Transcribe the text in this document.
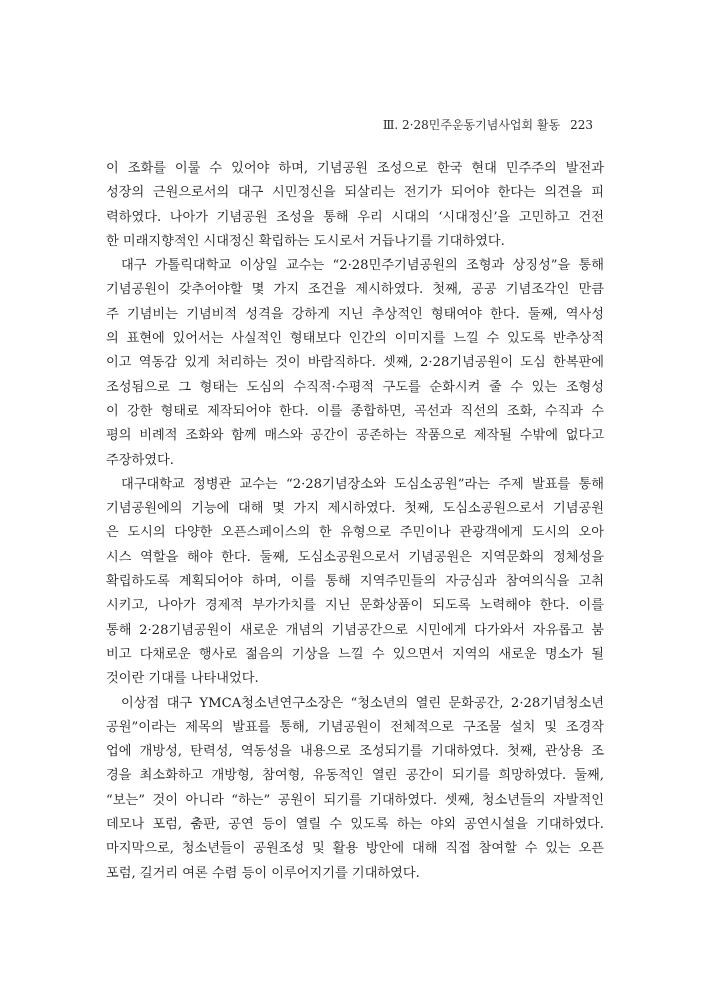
Ⅲ. 2·28민주운동기념사업회 활동 223
이 조화를 이룰 수 있어야 하며, 기념공원 조성으로 한국 현대 민주주의 발전과
성장의 근원으로서의 대구 시민정신을 되살리는 전기가 되어야 한다는 의견을 피
력하였다. 나아가 기념공원 조성을 통해 우리 시대의 ‘시대정신’을 고민하고 건전
한 미래지향적인 시대정신 확립하는 도시로서 거듭나기를 기대하였다.
대구 가톨릭대학교 이상일 교수는 “2·28민주기념공원의 조형과 상징성”을 통해
기념공원이 갖추어야할 몇 가지 조건을 제시하였다. 첫째, 공공 기념조각인 만큼
주 기념비는 기념비적 성격을 강하게 지닌 추상적인 형태여야 한다. 둘째, 역사성
의 표현에 있어서는 사실적인 형태보다 인간의 이미지를 느낄 수 있도록 반추상적
이고 역동감 있게 처리하는 것이 바람직하다. 셋째, 2·28기념공원이 도심 한복판에
조성됨으로 그 형태는 도심의 수직적·수평적 구도를 순화시켜 줄 수 있는 조형성
이 강한 형태로 제작되어야 한다. 이를 종합하면, 곡선과 직선의 조화, 수직과 수
평의 비례적 조화와 함께 매스와 공간이 공존하는 작품으로 제작될 수밖에 없다고
주장하였다.
대구대학교 정병관 교수는 “2·28기념장소와 도심소공원”라는 주제 발표를 통해
기념공원에의 기능에 대해 몇 가지 제시하였다. 첫째, 도심소공원으로서 기념공원
은 도시의 다양한 오픈스페이스의 한 유형으로 주민이나 관광객에게 도시의 오아
시스 역할을 해야 한다. 둘째, 도심소공원으로서 기념공원은 지역문화의 정체성을
확립하도록 계획되어야 하며, 이를 통해 지역주민들의 자긍심과 참여의식을 고취
시키고, 나아가 경제적 부가가치를 지닌 문화상품이 되도록 노력해야 한다. 이를
통해 2·28기념공원이 새로운 개념의 기념공간으로 시민에게 다가와서 자유롭고 붐
비고 다채로운 행사로 젊음의 기상을 느낄 수 있으면서 지역의 새로운 명소가 될
것이란 기대를 나타내었다.
이상점 대구 YMCA청소년연구소장은 “청소년의 열린 문화공간, 2·28기념청소년
공원”이라는 제목의 발표를 통해, 기념공원이 전체적으로 구조물 설치 및 조경작
업에 개방성, 탄력성, 역동성을 내용으로 조성되기를 기대하였다. 첫째, 관상용 조
경을 최소화하고 개방형, 참여형, 유동적인 열린 공간이 되기를 희망하였다. 둘째,
“보는” 것이 아니라 “하는” 공원이 되기를 기대하였다. 셋째, 청소년들의 자발적인
데모나 포럼, 춤판, 공연 등이 열릴 수 있도록 하는 야외 공연시설을 기대하였다.
마지막으로, 청소년들이 공원조성 및 활용 방안에 대해 직접 참여할 수 있는 오픈
포럼, 길거리 여론 수렴 등이 이루어지기를 기대하였다.
